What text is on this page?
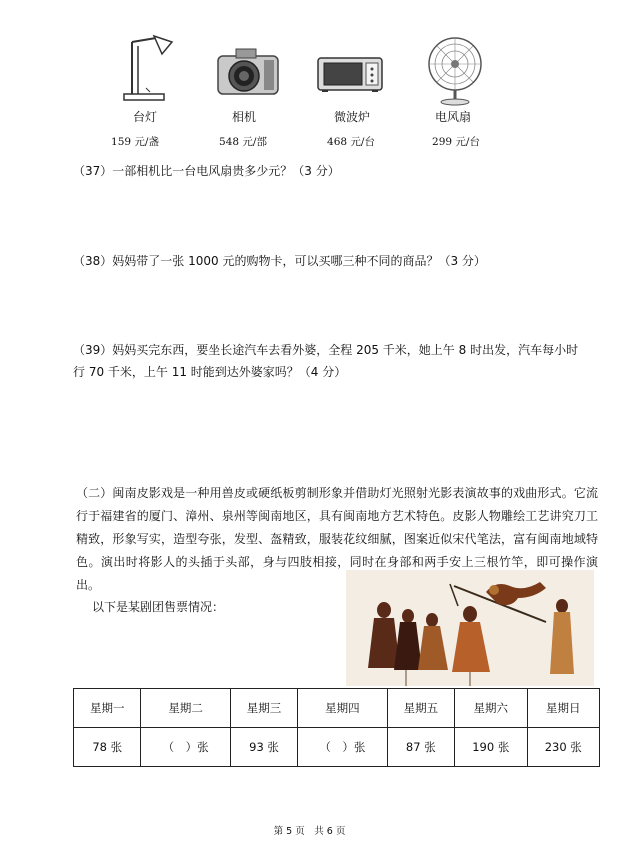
台灯
159 元/盏
相机
548 元/部
微波炉
468 元/台
电风扇
299 元/台
（37）一部相机比一台电风扇贵多少元？（3 分）
（38）妈妈带了一张 1000 元的购物卡，可以买哪三种不同的商品？（3 分）
（39）妈妈买完东西，要坐长途汽车去看外婆，全程 205 千米，她上午 8 时出发，汽车每小时
行 70 千米，上午 11 时能到达外婆家吗？（4 分）
（二）闽南皮影戏是一种用兽皮或硬纸板剪制形象并借助灯光照射光影表演故事的戏曲形式。它流行于福建省的厦门、漳州、泉州等闽南地区，具有闽南地方艺术特色。皮影人物雕绘工艺讲究刀工精致，形象写实，造型夸张，发型、盔精致，服装花纹细腻，图案近似宋代笔法，富有闽南地域特色。演出时将影人的头插于头部，身与四肢相接，同时在身部和两手安上三根竹竿，即可操作演出。
以下是某剧团售票情况：
星期一	星期二	星期三	星期四	星期五	星期六	星期日
78 张	（　）张	93 张	（　）张	87 张	190 张	230 张
第 5 页　共 6 页
